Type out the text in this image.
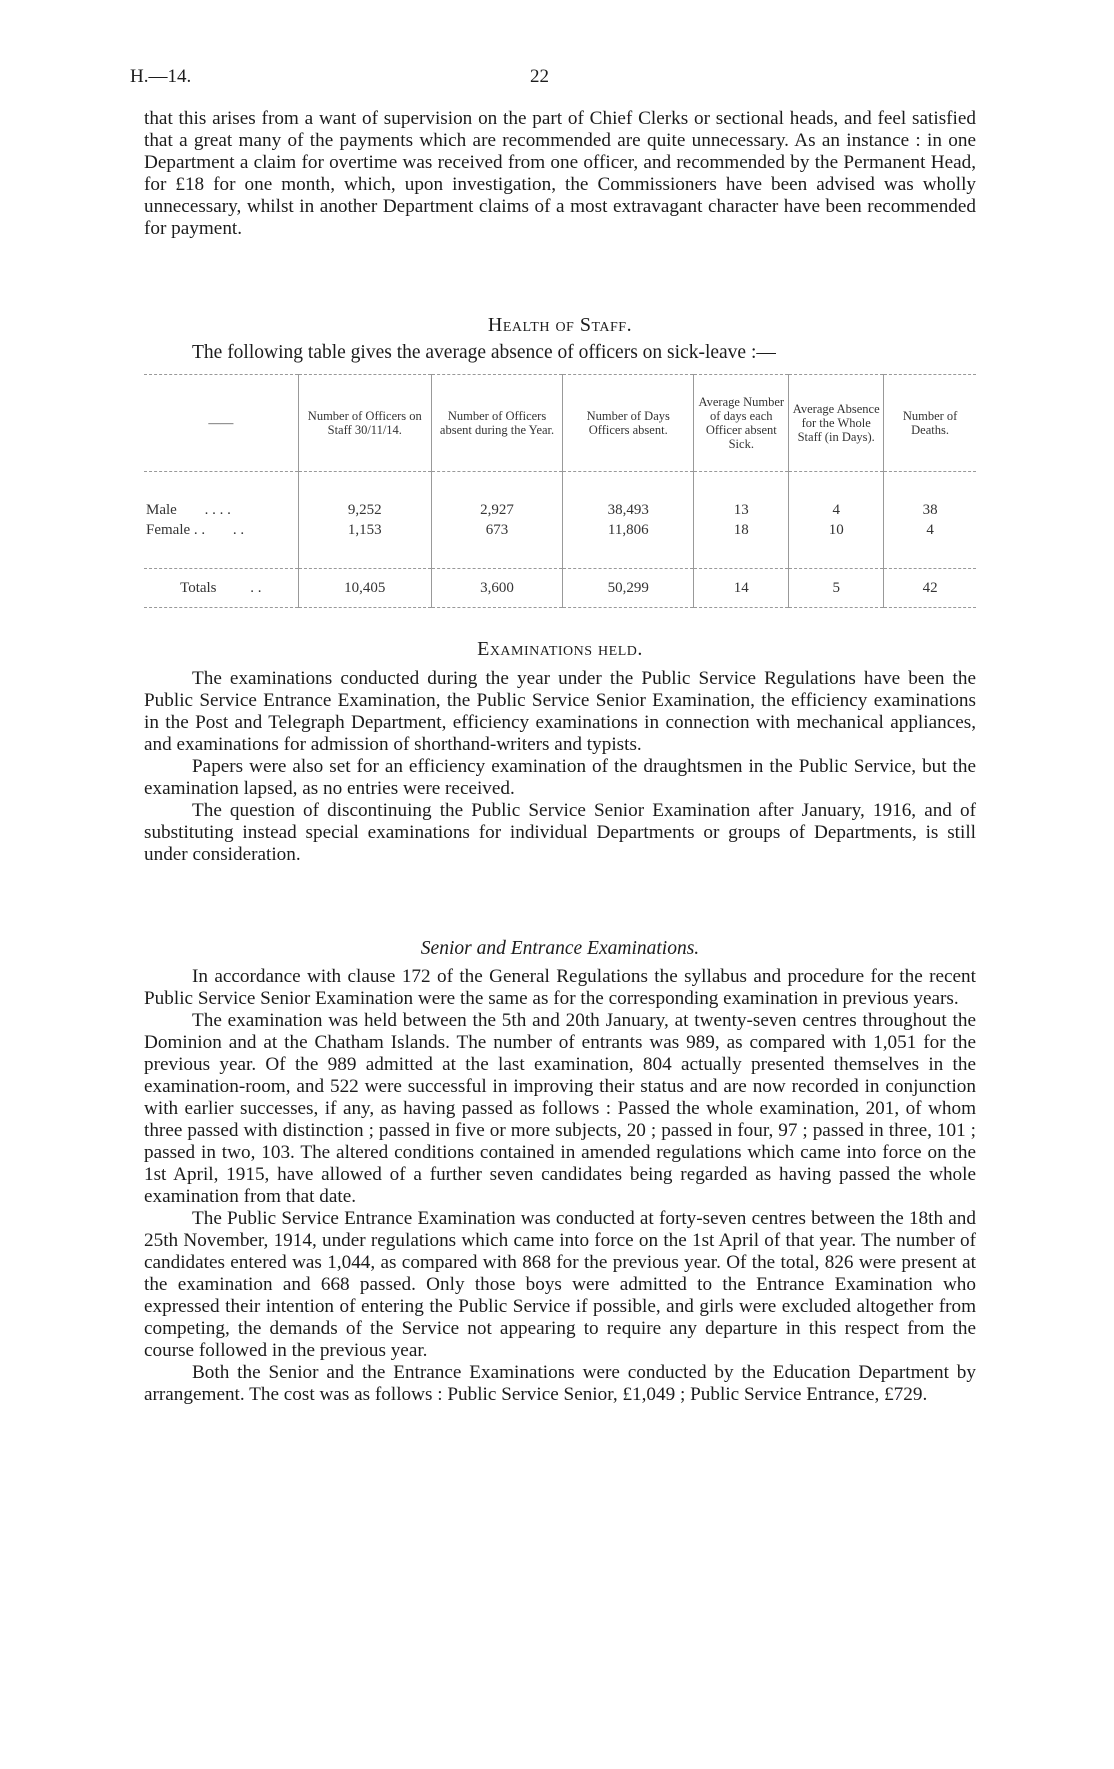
H.—14.	22

that this arises from a want of supervision on the part of Chief Clerks or sectional heads, and feel satisfied that a great many of the payments which are recommended are quite unnecessary. As an instance : in one Department a claim for overtime was received from one officer, and recommended by the Permanent Head, for £18 for one month, which, upon investigation, the Commissioners have been advised was wholly unnecessary, whilst in another Department claims of a most extravagant character have been recommended for payment.

Health of Staff.
The following table gives the average absence of officers on sick-leave :—
——	Number of Officers on Staff 30/11/14.	Number of Officers absent during the Year.	Number of Days Officers absent.	Average Number of days each Officer absent Sick.	Average Absence for the Whole Staff (in Days).	Number of Deaths.

Male . . . .	9,252	2,927	38,493	13	4	38
Female . . . .	1,153	673	11,806	18	10	4

Totals . .	10,405	3,600	50,299	14	5	42
Examinations held.

The examinations conducted during the year under the Public Service Regulations have been the Public Service Entrance Examination, the Public Service Senior Examination, the efficiency examinations in the Post and Telegraph Department, efficiency examinations in connection with mechanical appliances, and examinations for admission of shorthand-writers and typists.

Papers were also set for an efficiency examination of the draughtsmen in the Public Service, but the examination lapsed, as no entries were received.

The question of discontinuing the Public Service Senior Examination after January, 1916, and of substituting instead special examinations for individual Departments or groups of Departments, is still under consideration.

Senior and Entrance Examinations.

In accordance with clause 172 of the General Regulations the syllabus and procedure for the recent Public Service Senior Examination were the same as for the corresponding examination in previous years.

The examination was held between the 5th and 20th January, at twenty-seven centres throughout the Dominion and at the Chatham Islands. The number of entrants was 989, as compared with 1,051 for the previous year. Of the 989 admitted at the last examination, 804 actually presented themselves in the examination-room, and 522 were successful in improving their status and are now recorded in conjunction with earlier successes, if any, as having passed as follows : Passed the whole examination, 201, of whom three passed with distinction ; passed in five or more subjects, 20 ; passed in four, 97 ; passed in three, 101 ; passed in two, 103. The altered conditions contained in amended regulations which came into force on the 1st April, 1915, have allowed of a further seven candidates being regarded as having passed the whole examination from that date.

The Public Service Entrance Examination was conducted at forty-seven centres between the 18th and 25th November, 1914, under regulations which came into force on the 1st April of that year. The number of candidates entered was 1,044, as compared with 868 for the previous year. Of the total, 826 were present at the examination and 668 passed. Only those boys were admitted to the Entrance Examination who expressed their intention of entering the Public Service if possible, and girls were excluded altogether from competing, the demands of the Service not appearing to require any departure in this respect from the course followed in the previous year.

Both the Senior and the Entrance Examinations were conducted by the Education Department by arrangement. The cost was as follows : Public Service Senior, £1,049 ; Public Service Entrance, £729.
